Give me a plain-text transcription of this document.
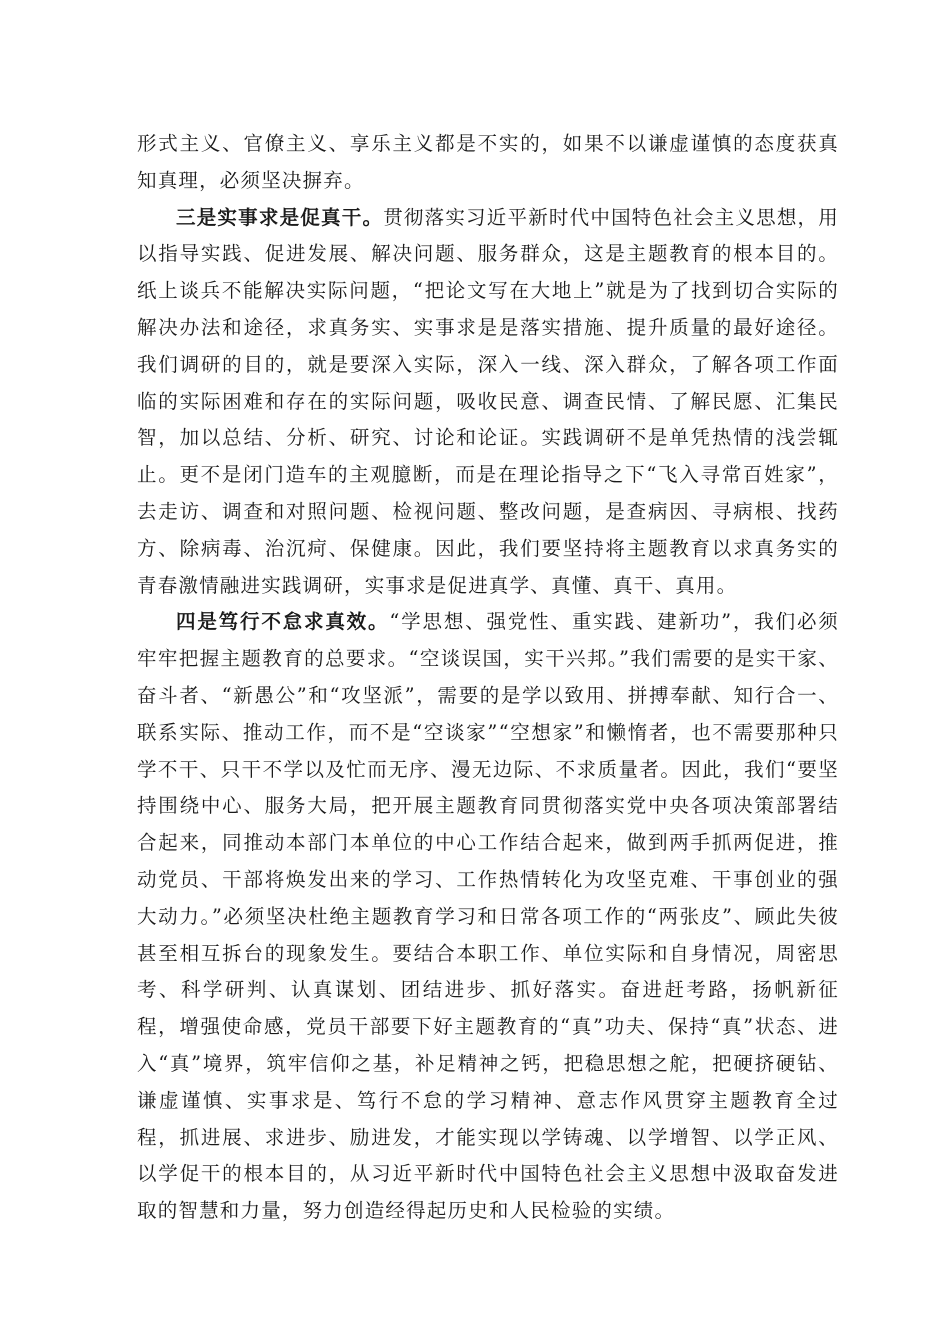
形式主义、官僚主义、享乐主义都是不实的，如果不以谦虚谨慎的态度获真知真理，必须坚决摒弃。

三是实事求是促真干。贯彻落实习近平新时代中国特色社会主义思想，用以指导实践、促进发展、解决问题、服务群众，这是主题教育的根本目的。纸上谈兵不能解决实际问题，“把论文写在大地上”就是为了找到切合实际的解决办法和途径，求真务实、实事求是是落实措施、提升质量的最好途径。我们调研的目的，就是要深入实际，深入一线、深入群众，了解各项工作面临的实际困难和存在的实际问题，吸收民意、调查民情、了解民愿、汇集民智，加以总结、分析、研究、讨论和论证。实践调研不是单凭热情的浅尝辄止。更不是闭门造车的主观臆断，而是在理论指导之下“飞入寻常百姓家”，去走访、调查和对照问题、检视问题、整改问题，是查病因、寻病根、找药方、除病毒、治沉疴、保健康。因此，我们要坚持将主题教育以求真务实的青春激情融进实践调研，实事求是促进真学、真懂、真干、真用。

四是笃行不怠求真效。“学思想、强党性、重实践、建新功”，我们必须牢牢把握主题教育的总要求。“空谈误国，实干兴邦。”我们需要的是实干家、奋斗者、“新愚公”和“攻坚派”，需要的是学以致用、拼搏奉献、知行合一、联系实际、推动工作，而不是“空谈家”“空想家”和懒惰者，也不需要那种只学不干、只干不学以及忙而无序、漫无边际、不求质量者。因此，我们“要坚持围绕中心、服务大局，把开展主题教育同贯彻落实党中央各项决策部署结合起来，同推动本部门本单位的中心工作结合起来，做到两手抓两促进，推动党员、干部将焕发出来的学习、工作热情转化为攻坚克难、干事创业的强大动力。”必须坚决杜绝主题教育学习和日常各项工作的“两张皮”、顾此失彼甚至相互拆台的现象发生。要结合本职工作、单位实际和自身情况，周密思考、科学研判、认真谋划、团结进步、抓好落实。奋进赶考路，扬帆新征程，增强使命感，党员干部要下好主题教育的“真”功夫、保持“真”状态、进入“真”境界，筑牢信仰之基，补足精神之钙，把稳思想之舵，把硬挤硬钻、谦虚谨慎、实事求是、笃行不怠的学习精神、意志作风贯穿主题教育全过程，抓进展、求进步、励进发，才能实现以学铸魂、以学增智、以学正风、以学促干的根本目的，从习近平新时代中国特色社会主义思想中汲取奋发进取的智慧和力量，努力创造经得起历史和人民检验的实绩。
